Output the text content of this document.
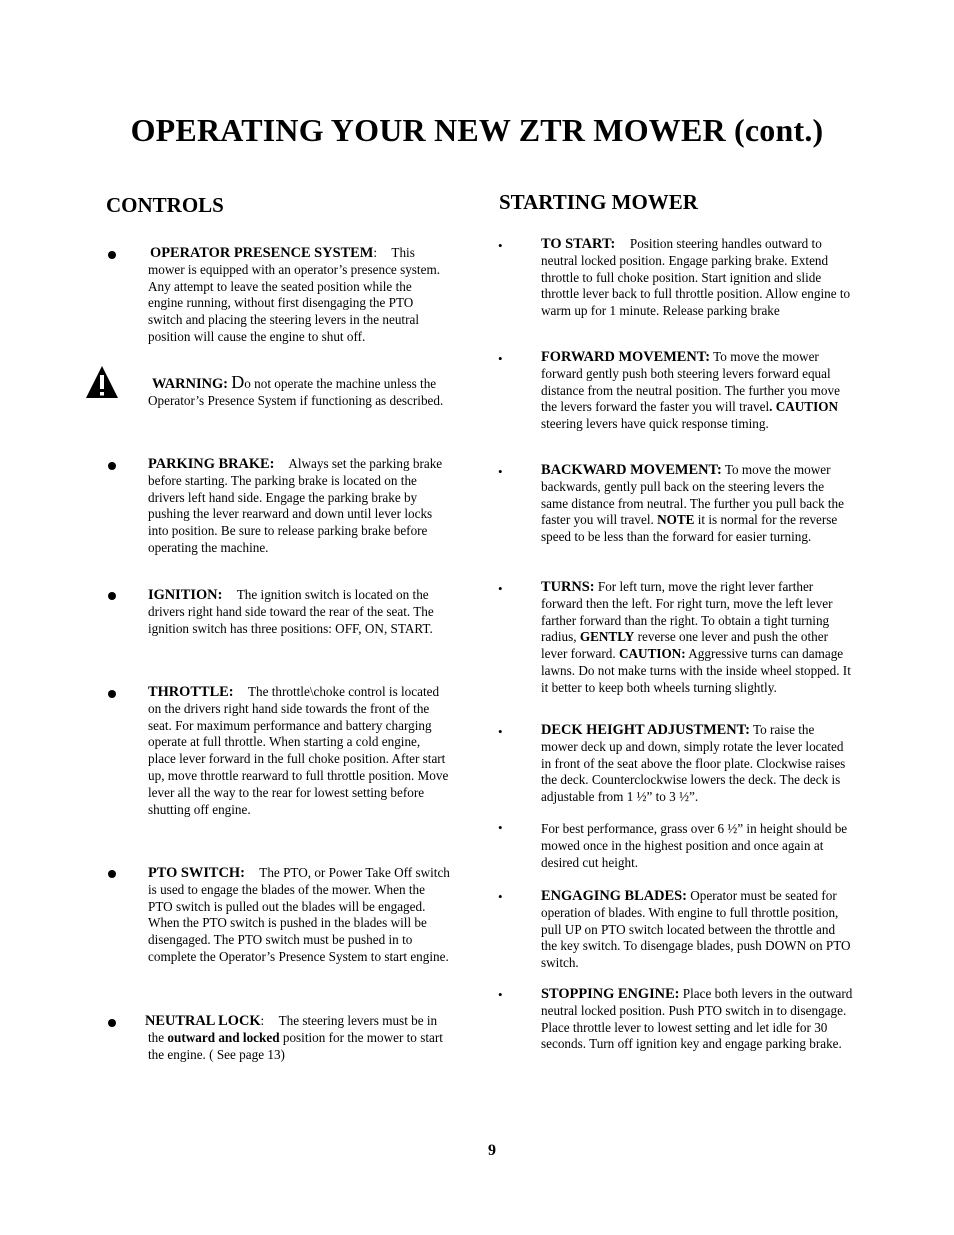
OPERATING YOUR NEW ZTR MOWER (cont.)
CONTROLS	STARTING MOWER
OPERATOR PRESENCE SYSTEM: This mower is equipped with an operator’s presence system. Any attempt to leave the seated position while the engine running, without first disengaging the PTO switch and placing the steering levers in the neutral position will cause the engine to shut off.
WARNING: Do not operate the machine unless the Operator’s Presence System if functioning as described.
PARKING BRAKE: Always set the parking brake before starting. The parking brake is located on the drivers left hand side. Engage the parking brake by pushing the lever rearward and down until lever locks into position. Be sure to release parking brake before operating the machine.
IGNITION: The ignition switch is located on the drivers right hand side toward the rear of the seat. The ignition switch has three positions: OFF, ON, START.
THROTTLE: The throttle\choke control is located on the drivers right hand side towards the front of the seat. For maximum performance and battery charging operate at full throttle. When starting a cold engine, place lever forward in the full choke position. After start up, move throttle rearward to full throttle position. Move lever all the way to the rear for lowest setting before shutting off engine.
PTO SWITCH: The PTO, or Power Take Off switch is used to engage the blades of the mower. When the PTO switch is pulled out the blades will be engaged. When the PTO switch is pushed in the blades will be disengaged. The PTO switch must be pushed in to complete the Operator’s Presence System to start engine.
NEUTRAL LOCK: The steering levers must be in the outward and locked position for the mower to start the engine. ( See page 13)
•	TO START: Position steering handles outward to neutral locked position. Engage parking brake. Extend throttle to full choke position. Start ignition and slide throttle lever back to full throttle position. Allow engine to warm up for 1 minute. Release parking brake
•	FORWARD MOVEMENT: To move the mower forward gently push both steering levers forward equal distance from the neutral position. The further you move the levers forward the faster you will travel. CAUTION steering levers have quick response timing.
•	BACKWARD MOVEMENT: To move the mower backwards, gently pull back on the steering levers the same distance from neutral. The further you pull back the faster you will travel. NOTE it is normal for the reverse speed to be less than the forward for easier turning.
•	TURNS: For left turn, move the right lever farther forward then the left. For right turn, move the left lever farther forward than the right. To obtain a tight turning radius, GENTLY reverse one lever and push the other lever forward. CAUTION: Aggressive turns can damage lawns. Do not make turns with the inside wheel stopped. It it better to keep both wheels turning slightly.
•	DECK HEIGHT ADJUSTMENT: To raise the mower deck up and down, simply rotate the lever located in front of the seat above the floor plate. Clockwise raises the deck. Counterclockwise lowers the deck. The deck is adjustable from 1 ½” to 3 ½”.
•	For best performance, grass over 6 ½” in height should be mowed once in the highest position and once again at desired cut height.
•	ENGAGING BLADES: Operator must be seated for operation of blades. With engine to full throttle position, pull UP on PTO switch located between the throttle and the key switch. To disengage blades, push DOWN on PTO switch.
•	STOPPING ENGINE: Place both levers in the outward neutral locked position. Push PTO switch in to disengage. Place throttle lever to lowest setting and let idle for 30 seconds. Turn off ignition key and engage parking brake.
9
